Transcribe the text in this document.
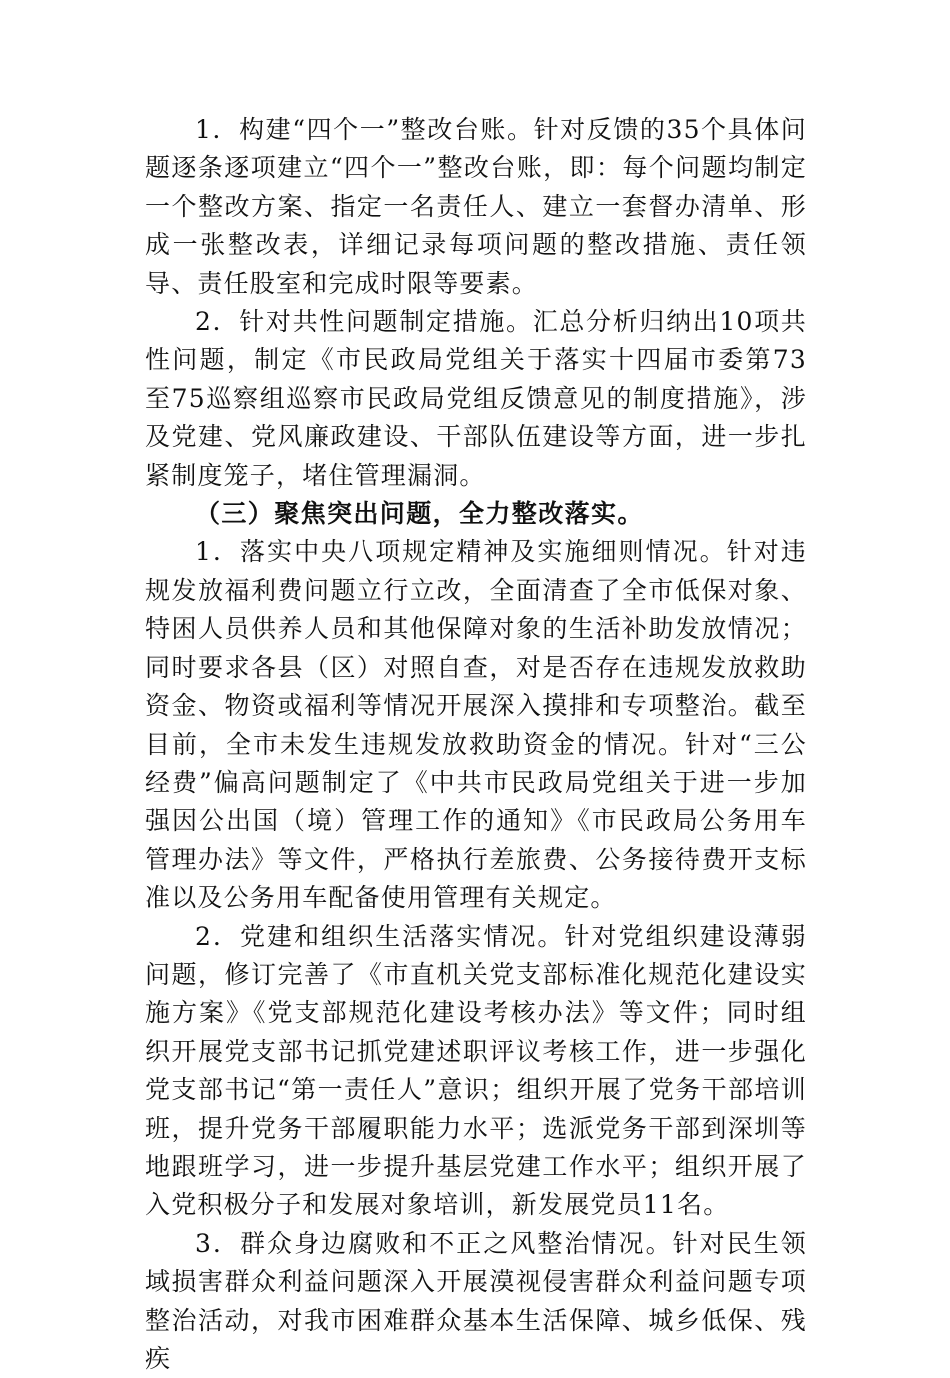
1．构建“四个一”整改台账。针对反馈的35个具体问题逐条逐项建立“四个一”整改台账，即：每个问题均制定一个整改方案、指定一名责任人、建立一套督办清单、形成一张整改表，详细记录每项问题的整改措施、责任领导、责任股室和完成时限等要素。

2．针对共性问题制定措施。汇总分析归纳出10项共性问题，制定《市民政局党组关于落实十四届市委第73至75巡察组巡察市民政局党组反馈意见的制度措施》，涉及党建、党风廉政建设、干部队伍建设等方面，进一步扎紧制度笼子，堵住管理漏洞。

（三）聚焦突出问题，全力整改落实。

1．落实中央八项规定精神及实施细则情况。针对违规发放福利费问题立行立改，全面清查了全市低保对象、特困人员供养人员和其他保障对象的生活补助发放情况；同时要求各县（区）对照自查，对是否存在违规发放救助资金、物资或福利等情况开展深入摸排和专项整治。截至目前，全市未发生违规发放救助资金的情况。针对“三公经费”偏高问题制定了《中共市民政局党组关于进一步加强因公出国（境）管理工作的通知》《市民政局公务用车管理办法》等文件，严格执行差旅费、公务接待费开支标准以及公务用车配备使用管理有关规定。

2．党建和组织生活落实情况。针对党组织建设薄弱问题，修订完善了《市直机关党支部标准化规范化建设实施方案》《党支部规范化建设考核办法》等文件；同时组织开展党支部书记抓党建述职评议考核工作，进一步强化党支部书记“第一责任人”意识；组织开展了党务干部培训班，提升党务干部履职能力水平；选派党务干部到深圳等地跟班学习，进一步提升基层党建工作水平；组织开展了入党积极分子和发展对象培训，新发展党员11名。

3．群众身边腐败和不正之风整治情况。针对民生领域损害群众利益问题深入开展漠视侵害群众利益问题专项整治活动，对我市困难群众基本生活保障、城乡低保、残疾
